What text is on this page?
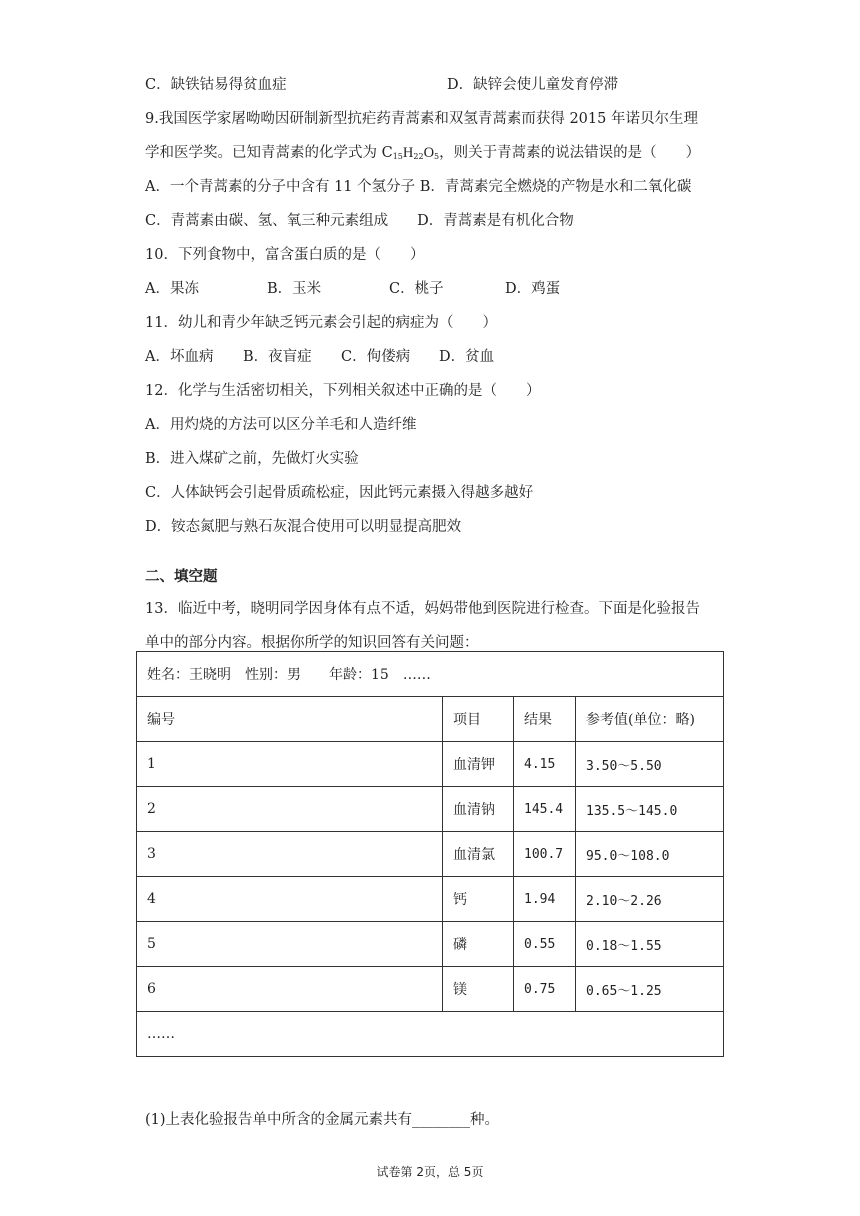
C．缺铁钴易得贫血症	D．缺锌会使儿童发育停滞
9.我国医学家屠呦呦因研制新型抗疟药青蒿素和双氢青蒿素而获得 2015 年诺贝尔生理
学和医学奖。已知青蒿素的化学式为 $C_{15}H_{22}O_5$，则关于青蒿素的说法错误的是（　　）
A．一个青蒿素的分子中含有 11 个氢分子 B．青蒿素完全燃烧的产物是水和二氧化碳
C．青蒿素由碳、氢、氧三种元素组成　　D．青蒿素是有机化合物
10．下列食物中，富含蛋白质的是（　　）
A．果冻	B．玉米	C．桃子	D．鸡蛋
11．幼儿和青少年缺乏钙元素会引起的病症为（　　）
A．坏血病 B．夜盲症 C．佝偻病 D．贫血
12．化学与生活密切相关，下列相关叙述中正确的是（　　）
A．用灼烧的方法可以区分羊毛和人造纤维
B．进入煤矿之前，先做灯火实验
C．人体缺钙会引起骨质疏松症，因此钙元素摄入得越多越好
D．铵态氮肥与熟石灰混合使用可以明显提高肥效
二、填空题
13．临近中考，晓明同学因身体有点不适，妈妈带他到医院进行检查。下面是化验报告
单中的部分内容。根据你所学的知识回答有关问题：
姓名：王晓明　性别：男　　年龄：15　……			
编号	项目	结果	参考值(单位：略)
1	血清钾	4.15	3.50～5.50
2	血清钠	145.4	135.5～145.0
3	血清氯	100.7	95.0～108.0
4	钙	1.94	2.10～2.26
5	磷	0.55	0.18～1.55
6	镁	0.75	0.65～1.25
……			
(1)上表化验报告单中所含的金属元素共有________种。
试卷第 2页，总 5页
